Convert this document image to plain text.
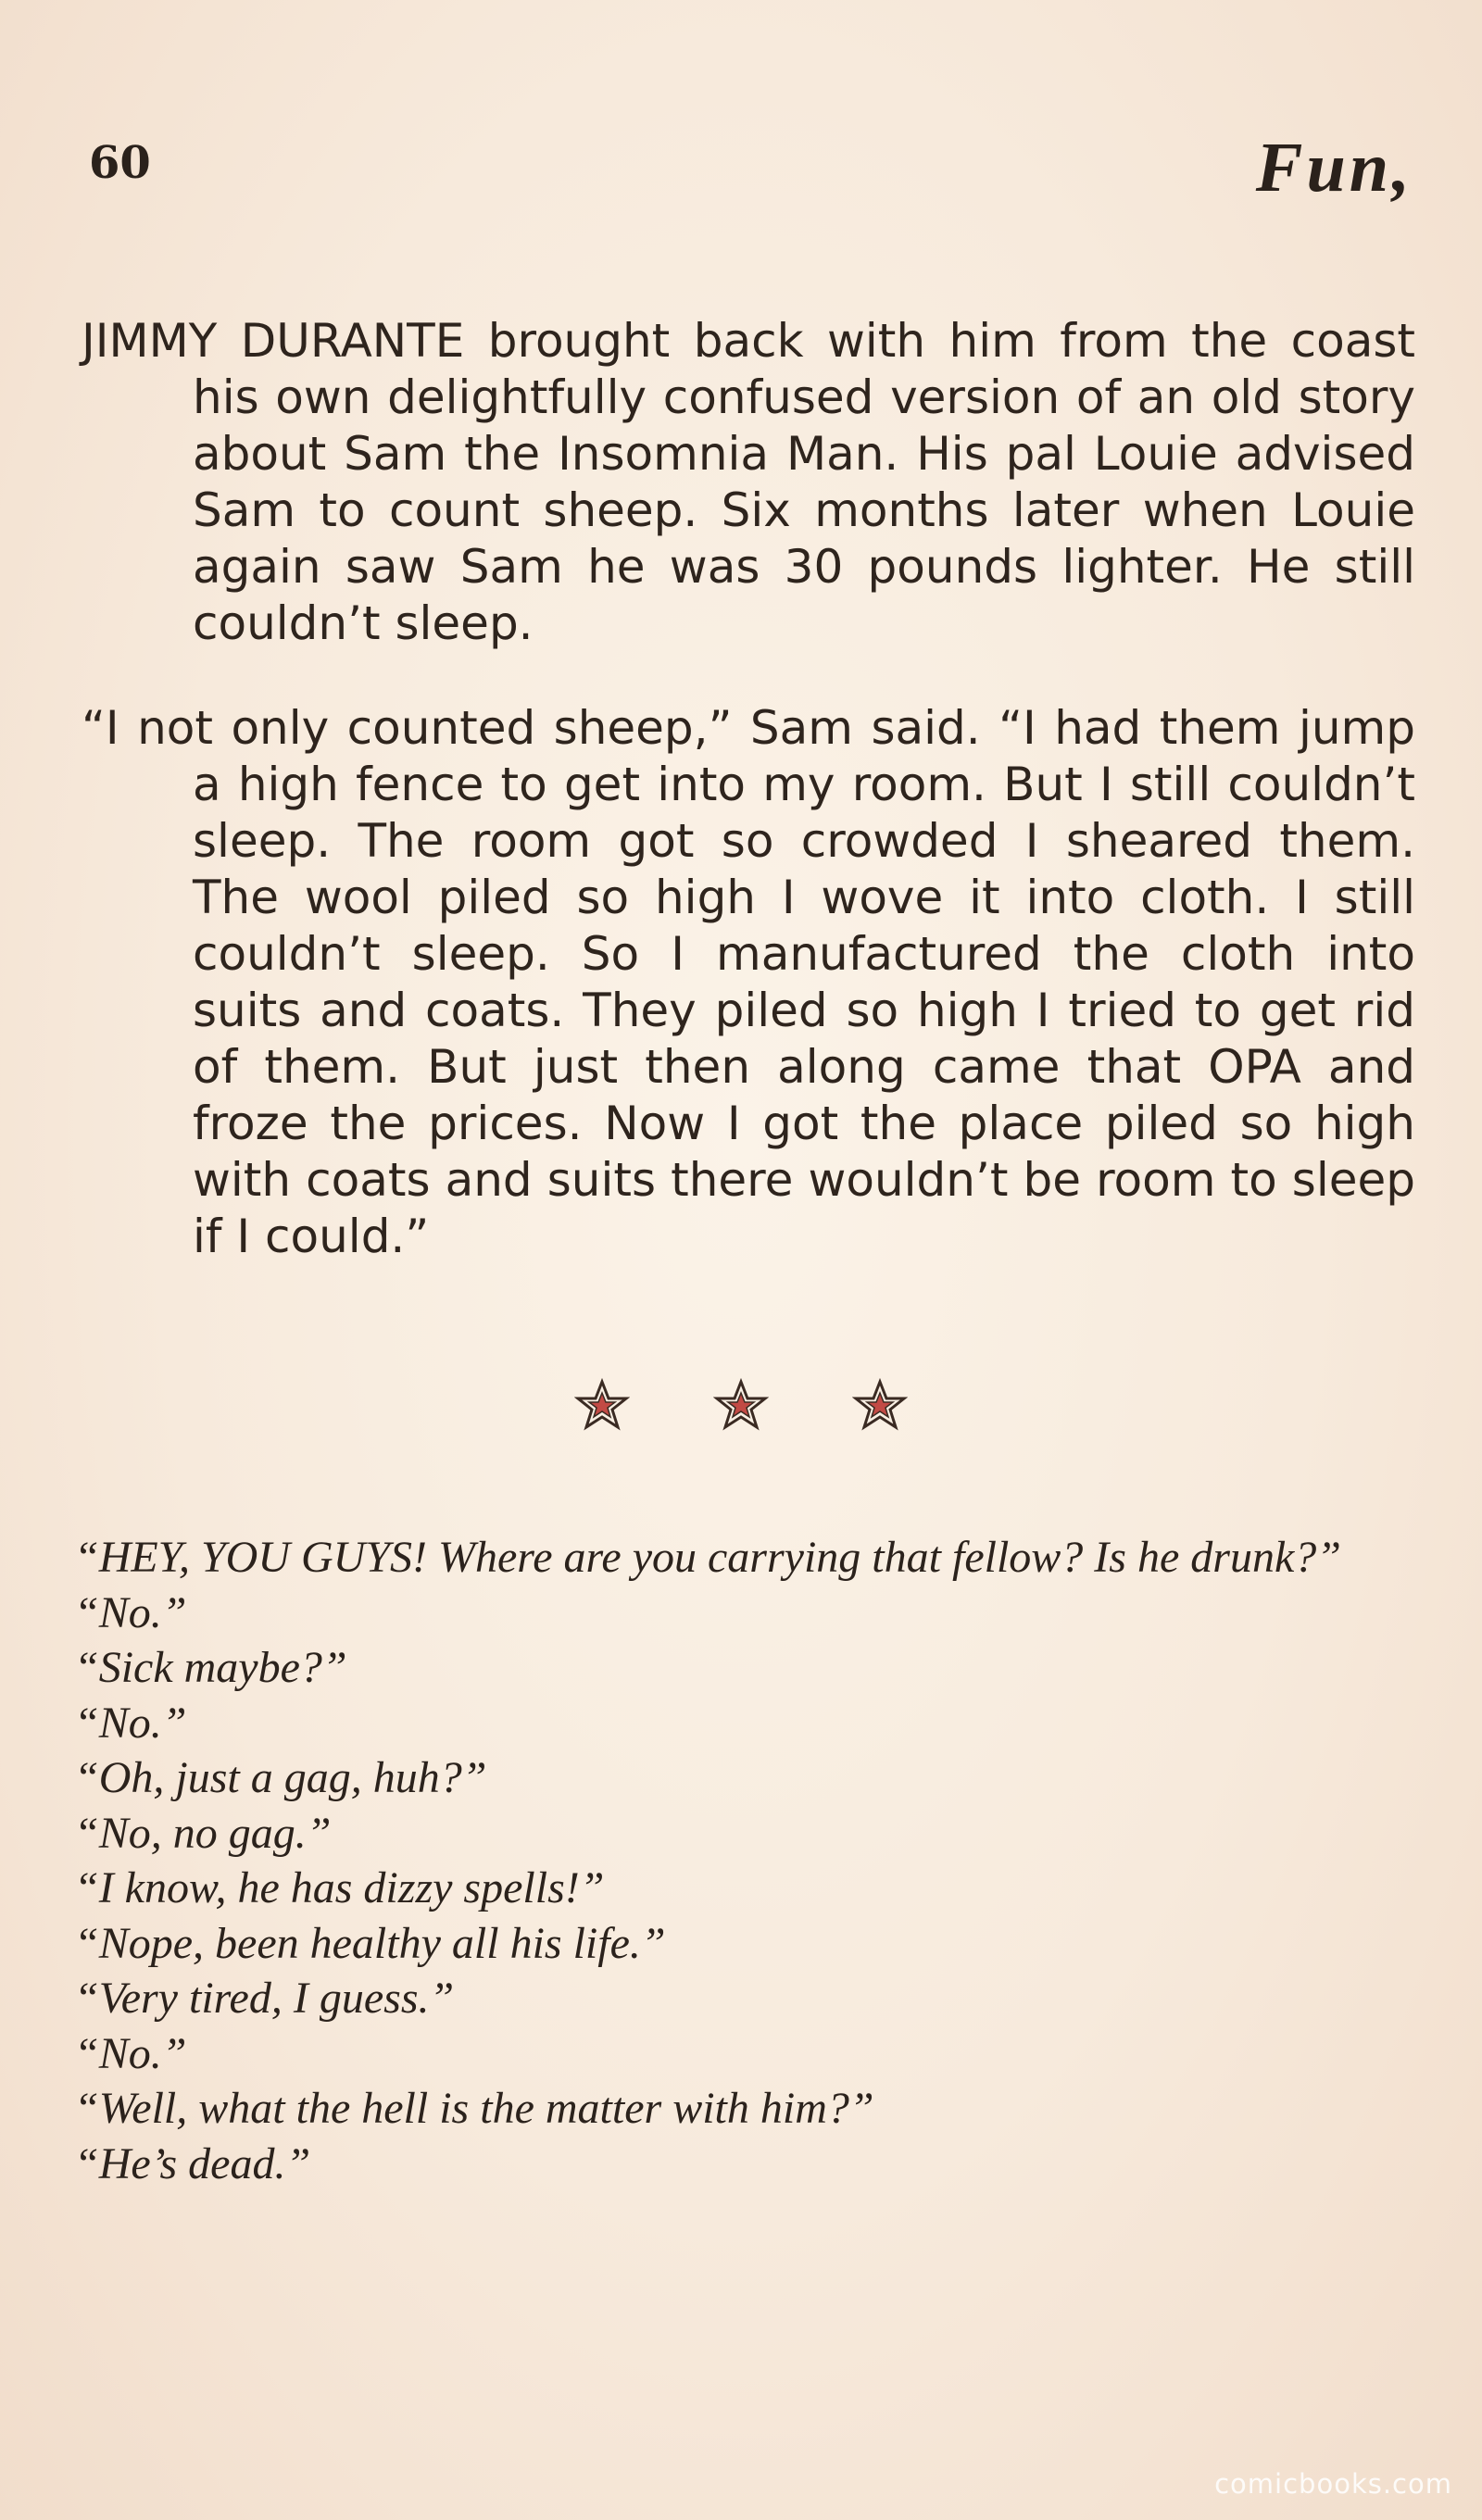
60	Fun,

JIMMY DURANTE brought back with him from the coast his own delightfully confused version of an old story about Sam the Insomnia Man. His pal Louie advised Sam to count sheep. Six months later when Louie again saw Sam he was 30 pounds lighter. He still couldn’t sleep.

“I not only counted sheep,” Sam said. “I had them jump a high fence to get into my room. But I still couldn’t sleep. The room got so crowded I sheared them. The wool piled so high I wove it into cloth. I still couldn’t sleep. So I manufactured the cloth into suits and coats. They piled so high I tried to get rid of them. But just then along came that OPA and froze the prices. Now I got the place piled so high with coats and suits there wouldn’t be room to sleep if I could.”

“HEY, YOU GUYS! Where are you carrying that fellow? Is he drunk?”
“No.”
“Sick maybe?”
“No.”
“Oh, just a gag, huh?”
“No, no gag.”
“I know, he has dizzy spells!”
“Nope, been healthy all his life.”
“Very tired, I guess.”
“No.”
“Well, what the hell is the matter with him?”
“He’s dead.”
comicbooks.com
